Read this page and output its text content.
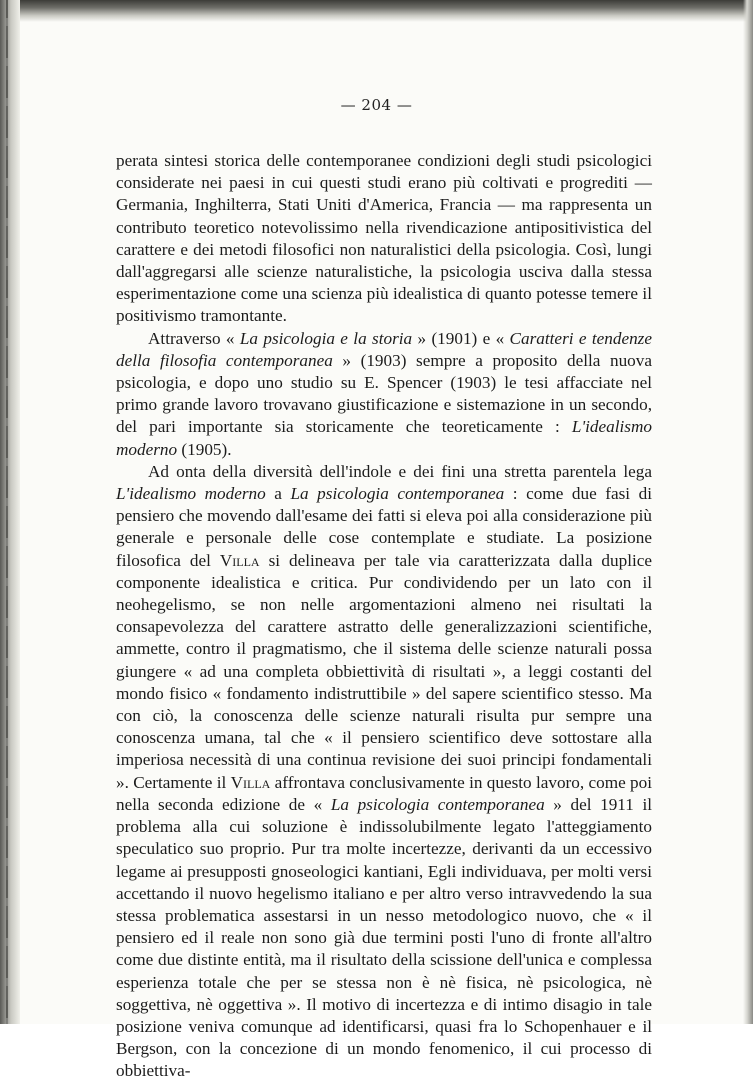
— 204 —

perata sintesi storica delle contemporanee condizioni degli studi psicologici considerate nei paesi in cui questi studi erano più coltivati e progrediti — Germania, Inghilterra, Stati Uniti d'America, Francia — ma rappresenta un contributo teoretico notevolissimo nella rivendicazione antipositivistica del carattere e dei metodi filosofici non naturalistici della psicologia. Così, lungi dall'aggregarsi alle scienze naturalistiche, la psicologia usciva dalla stessa esperimentazione come una scienza più idealistica di quanto potesse temere il positivismo tramontante.

Attraverso « La psicologia e la storia » (1901) e « Caratteri e tendenze della filosofia contemporanea » (1903) sempre a proposito della nuova psicologia, e dopo uno studio su E. Spencer (1903) le tesi affacciate nel primo grande lavoro trovavano giustificazione e sistemazione in un secondo, del pari importante sia storicamente che teoreticamente : L'idealismo moderno (1905).

Ad onta della diversità dell'indole e dei fini una stretta parentela lega L'idealismo moderno a La psicologia contemporanea : come due fasi di pensiero che movendo dall'esame dei fatti si eleva poi alla considerazione più generale e personale delle cose contemplate e studiate. La posizione filosofica del Villa si delineava per tale via caratterizzata dalla duplice componente idealistica e critica. Pur condividendo per un lato con il neohegelismo, se non nelle argomentazioni almeno nei risultati la consapevolezza del carattere astratto delle generalizzazioni scientifiche, ammette, contro il pragmatismo, che il sistema delle scienze naturali possa giungere « ad una completa obbiettività di risultati », a leggi costanti del mondo fisico « fondamento indistruttibile » del sapere scientifico stesso. Ma con ciò, la conoscenza delle scienze naturali risulta pur sempre una conoscenza umana, tal che « il pensiero scientifico deve sottostare alla imperiosa necessità di una continua revisione dei suoi principi fondamentali ». Certamente il Villa affrontava conclusivamente in questo lavoro, come poi nella seconda edizione de « La psicologia contemporanea » del 1911 il problema alla cui soluzione è indissolubilmente legato l'atteggiamento speculatico suo proprio. Pur tra molte incertezze, derivanti da un eccessivo legame ai presupposti gnoseologici kantiani, Egli individuava, per molti versi accettando il nuovo hegelismo italiano e per altro verso intravvedendo la sua stessa problematica assestarsi in un nesso metodologico nuovo, che « il pensiero ed il reale non sono già due termini posti l'uno di fronte all'altro come due distinte entità, ma il risultato della scissione dell'unica e complessa esperienza totale che per se stessa non è nè fisica, nè psicologica, nè soggettiva, nè oggettiva ». Il motivo di incertezza e di intimo disagio in tale posizione veniva comunque ad identificarsi, quasi fra lo Schopenhauer e il Bergson, con la concezione di un mondo fenomenico, il cui processo di obbiettiva-
